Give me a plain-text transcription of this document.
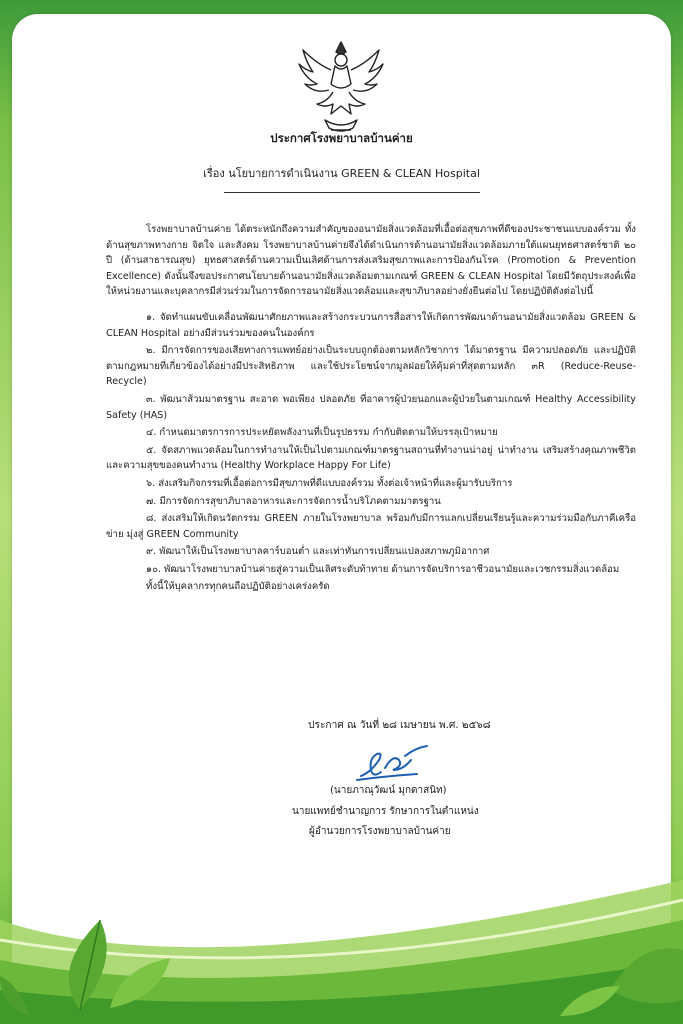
ประกาศโรงพยาบาลบ้านค่าย
เรื่อง นโยบายการดำเนินงาน GREEN & CLEAN Hospital

โรงพยาบาลบ้านค่าย ได้ตระหนักถึงความสำคัญของอนามัยสิ่งแวดล้อมที่เอื้อต่อสุขภาพที่ดีของประชาชนแบบองค์รวม ทั้งด้านสุขภาพทางกาย จิตใจ และสังคม โรงพยาบาลบ้านค่ายจึงได้ดำเนินการด้านอนามัยสิ่งแวดล้อมภายใต้แผนยุทธศาสตร์ชาติ ๒๐ ปี (ด้านสาธารณสุข) ยุทธศาสตร์ด้านความเป็นเลิศด้านการส่งเสริมสุขภาพและการป้องกันโรค (Promotion & Prevention Excellence) ดังนั้นจึงขอประกาศนโยบายด้านอนามัยสิ่งแวดล้อมตามเกณฑ์ GREEN & CLEAN Hospital โดยมีวัตถุประสงค์เพื่อให้หน่วยงานและบุคลากรมีส่วนร่วมในการจัดการอนามัยสิ่งแวดล้อมและสุขาภิบาลอย่างยั่งยืนต่อไป โดยปฏิบัติดังต่อไปนี้

๑. จัดทำแผนขับเคลื่อนพัฒนาศักยภาพและสร้างกระบวนการสื่อสารให้เกิดการพัฒนาด้านอนามัยสิ่งแวดล้อม GREEN & CLEAN Hospital อย่างมีส่วนร่วมของคนในองค์กร

๒. มีการจัดการของเสียทางการแพทย์อย่างเป็นระบบถูกต้องตามหลักวิชาการ ได้มาตรฐาน มีความปลอดภัย และปฏิบัติตามกฎหมายที่เกี่ยวข้องได้อย่างมีประสิทธิภาพ และใช้ประโยชน์จากมูลฝอยให้คุ้มค่าที่สุดตามหลัก ๓R (Reduce-Reuse-Recycle)

๓. พัฒนาส้วมมาตรฐาน สะอาด พอเพียง ปลอดภัย ที่อาคารผู้ป่วยนอกและผู้ป่วยในตามเกณฑ์ Healthy Accessibility Safety (HAS)

๔. กำหนดมาตรการการประหยัดพลังงานที่เป็นรูปธรรม กำกับติดตามให้บรรลุเป้าหมาย

๕. จัดสภาพแวดล้อมในการทำงานให้เป็นไปตามเกณฑ์มาตรฐานสถานที่ทำงานน่าอยู่ น่าทำงาน เสริมสร้างคุณภาพชีวิตและความสุขของคนทำงาน (Healthy Workplace Happy For Life)

๖. ส่งเสริมกิจกรรมที่เอื้อต่อการมีสุขภาพที่ดีแบบองค์รวม ทั้งต่อเจ้าหน้าที่และผู้มารับบริการ

๗. มีการจัดการสุขาภิบาลอาหารและการจัดการน้ำบริโภคตามมาตรฐาน

๘. ส่งเสริมให้เกิดนวัตกรรม GREEN ภายในโรงพยาบาล พร้อมกับมีการแลกเปลี่ยนเรียนรู้และความร่วมมือกับภาคีเครือข่าย มุ่งสู่ GREEN Community

๙. พัฒนาให้เป็นโรงพยาบาลคาร์บอนต่ำ และเท่าทันการเปลี่ยนแปลงสภาพภูมิอากาศ

๑๐. พัฒนาโรงพยาบาลบ้านค่ายสู่ความเป็นเลิศระดับท้าทาย ด้านการจัดบริการอาชีวอนามัยและเวชกรรมสิ่งแวดล้อม

ทั้งนี้ให้บุคลากรทุกคนถือปฏิบัติอย่างเคร่งครัด

ประกาศ ณ วันที่ ๒๘ เมษายน พ.ศ. ๒๕๖๘
(นายภาณุวัฒน์ มุกดาสนิท)
นายแพทย์ชำนาญการ รักษาการในตำแหน่ง
ผู้อำนวยการโรงพยาบาลบ้านค่าย
